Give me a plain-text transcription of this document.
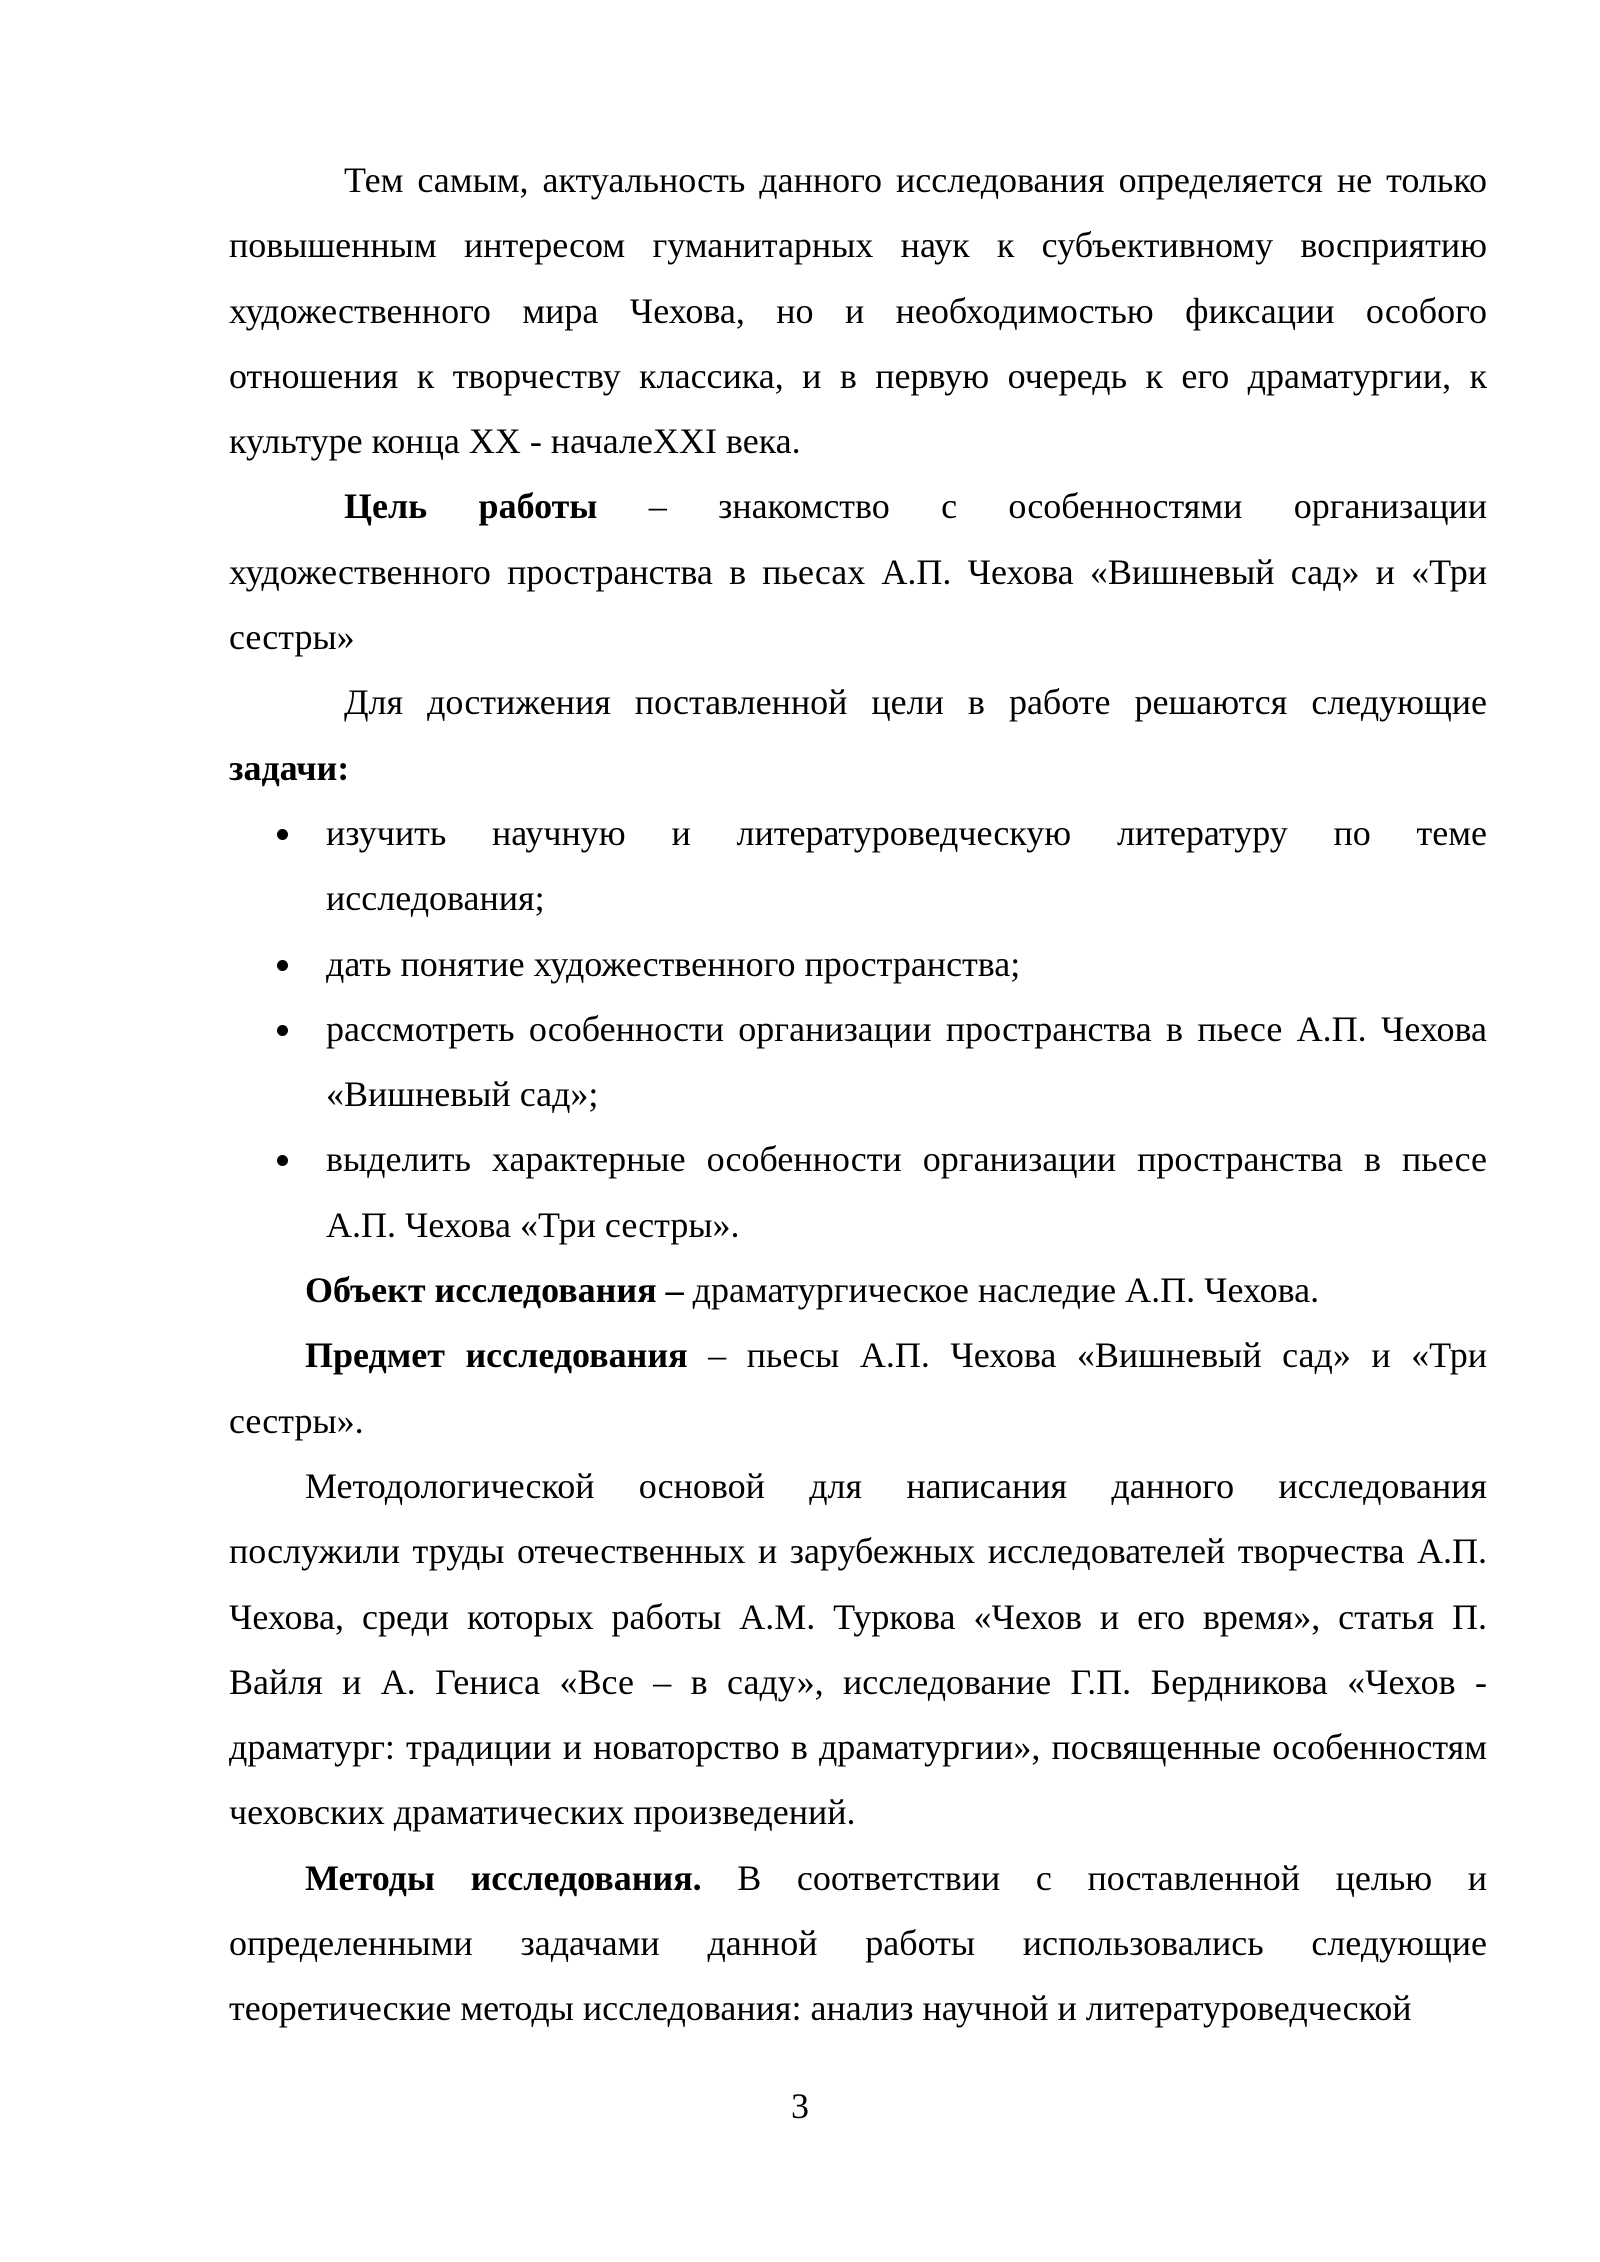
Тем самым, актуальность данного исследования определяется не только повышенным интересом гуманитарных наук к субъективному восприятию художественного мира Чехова, но и необходимостью фиксации особого отношения к творчеству классика, и в первую очередь к его драматургии, к культуре конца XX - началеXXI века.

Цель работы – знакомство с особенностями организации художественного пространства в пьесах А.П. Чехова «Вишневый сад» и «Три сестры»

Для достижения поставленной цели в работе решаются следующие задачи:

изучить научную и литературоведческую литературу по теме исследования;
дать понятие художественного пространства;
рассмотреть особенности организации пространства в пьесе А.П. Чехова «Вишневый сад»;
выделить характерные особенности организации пространства в пьесе А.П. Чехова «Три сестры».

Объект исследования – драматургическое наследие А.П. Чехова.

Предмет исследования – пьесы А.П. Чехова «Вишневый сад» и «Три сестры».

Методологической основой для написания данного исследования послужили труды отечественных и зарубежных исследователей творчества А.П. Чехова, среди которых работы А.М. Туркова «Чехов и его время», статья П. Вайля и А. Гениса «Все – в саду», исследование Г.П. Бердникова «Чехов - драматург: традиции и новаторство в драматургии», посвященные особенностям чеховских драматических произведений.

Методы исследования. В соответствии с поставленной целью и определенными задачами данной работы использовались следующие теоретические методы исследования: анализ научной и литературоведческой

3
